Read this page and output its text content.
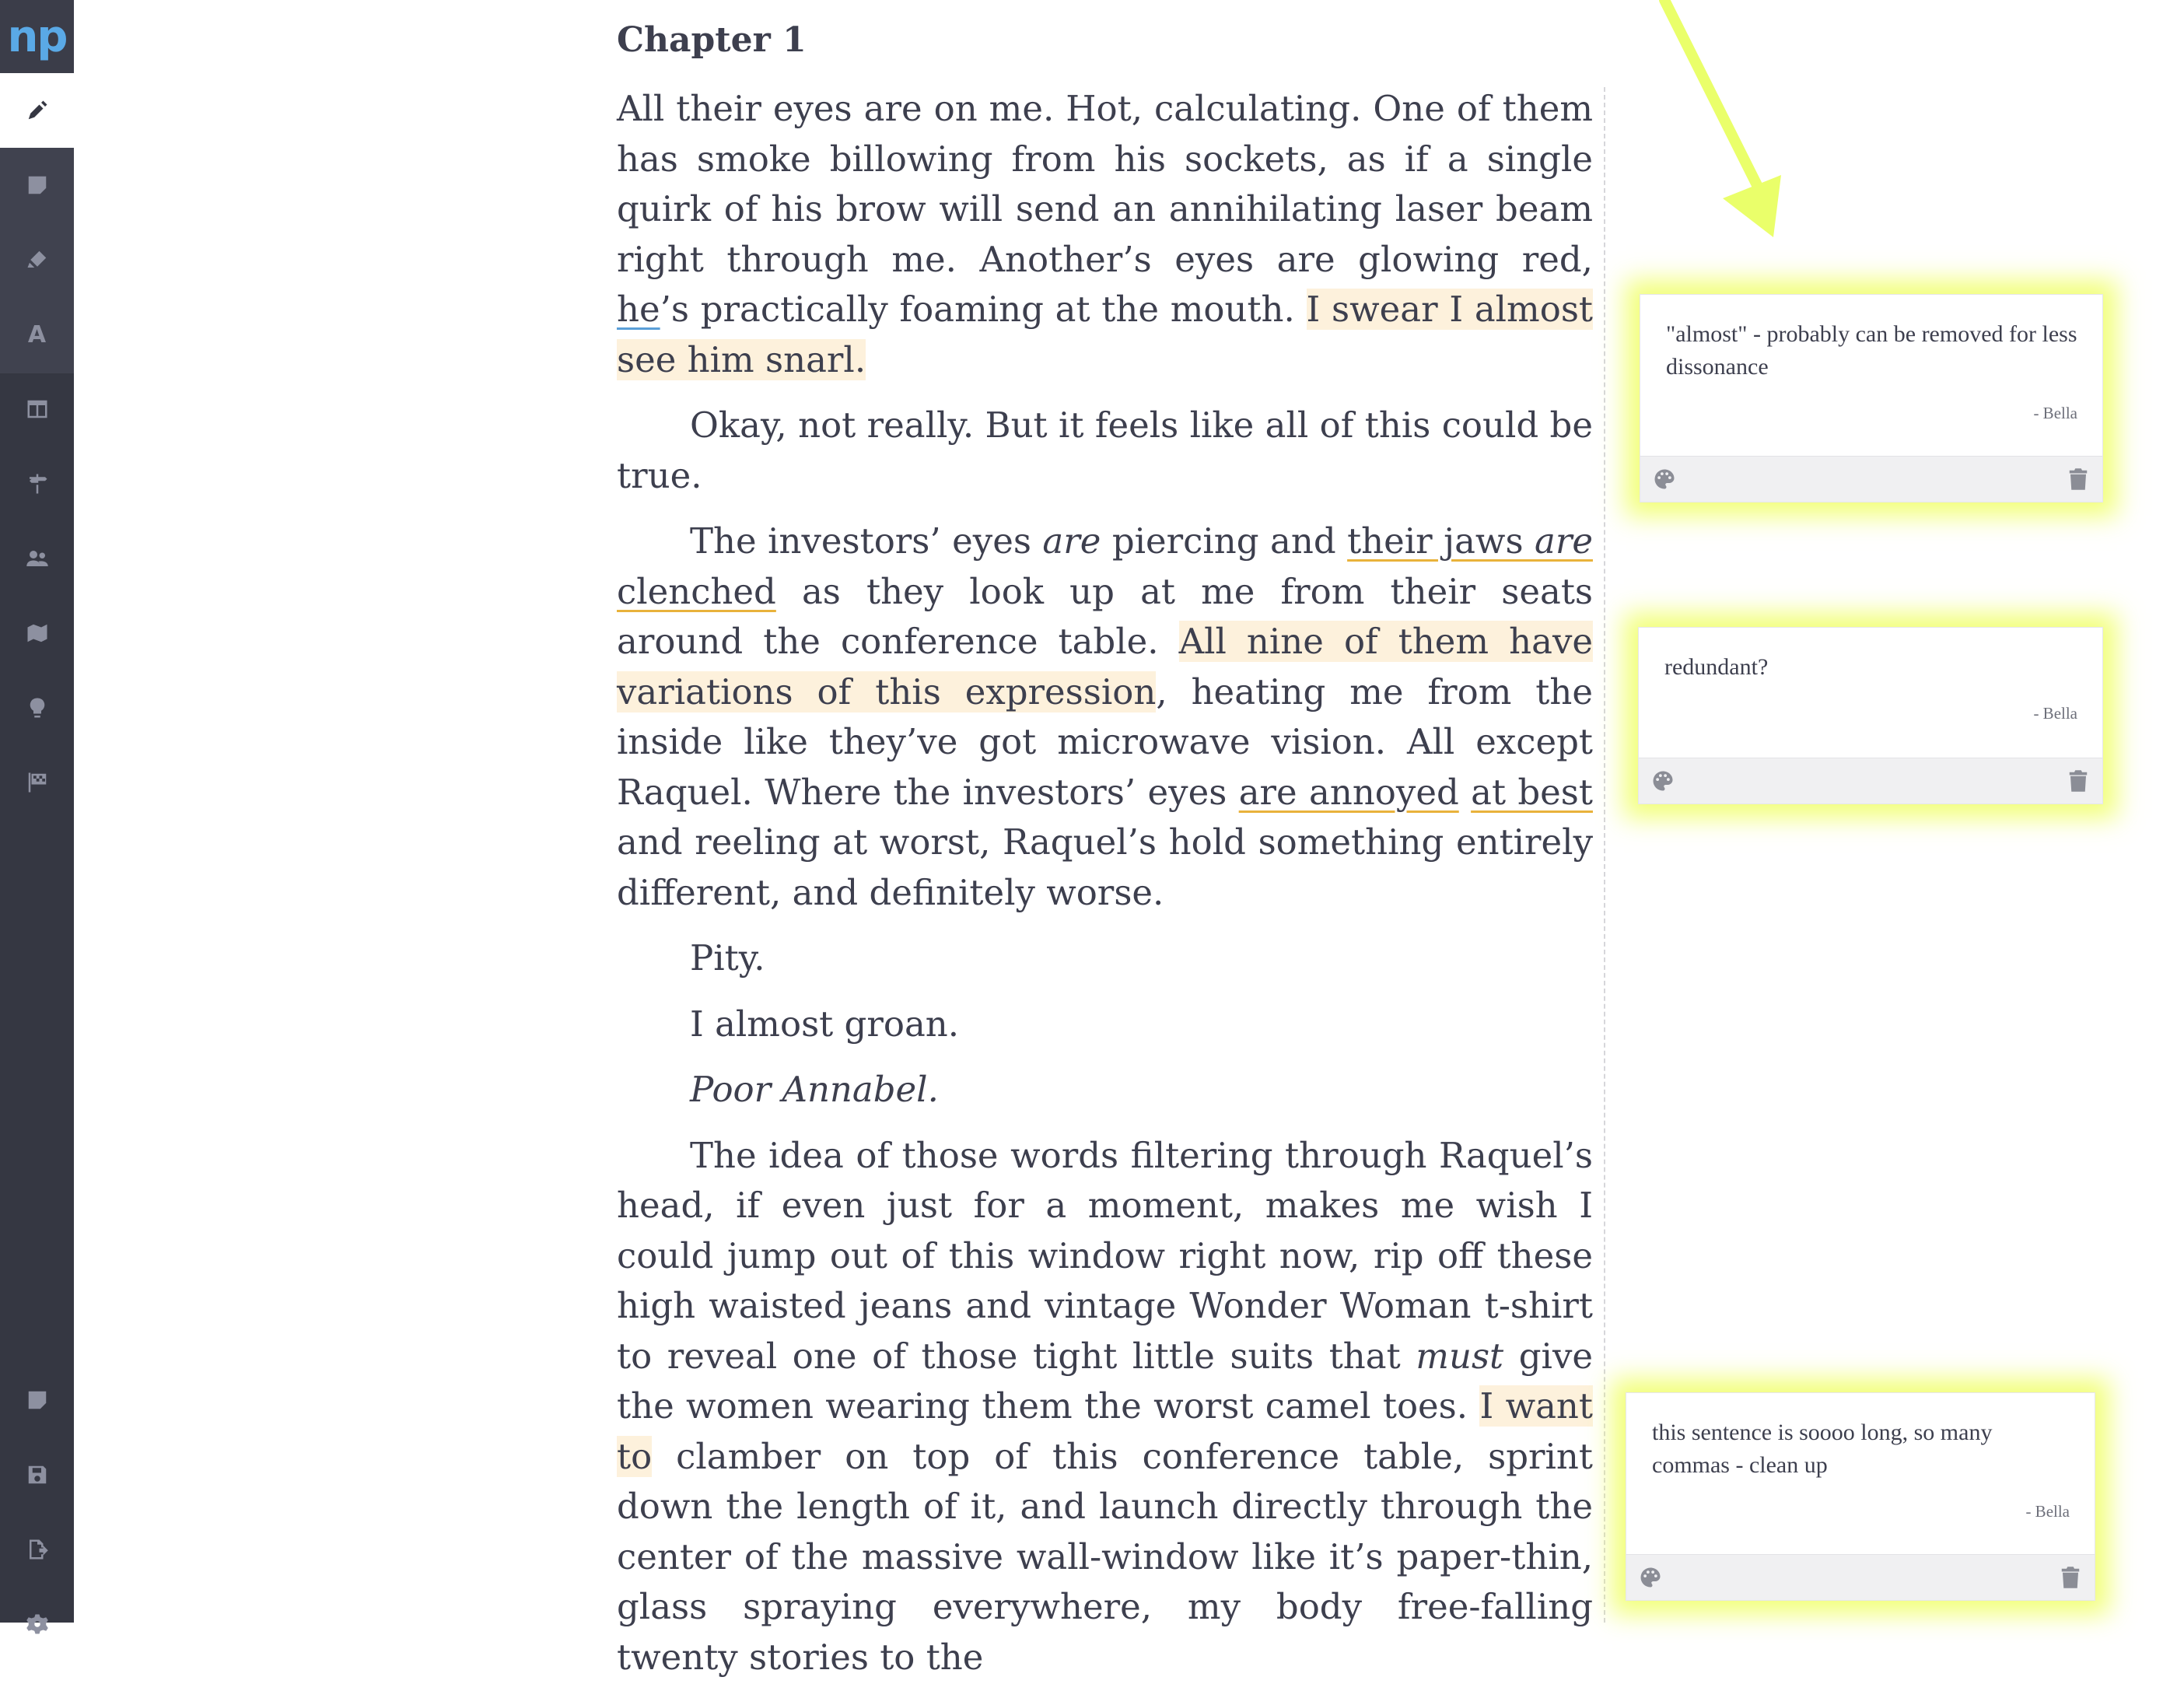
np
A
Chapter 1

All their eyes are on me. Hot, calculating. One of them has smoke billowing from his sockets, as if a single quirk of his brow will send an annihilating laser beam right through me. Another’s eyes are glowing red, he’s practically foaming at the mouth. I swear I almost see him snarl.

Okay, not really. But it feels like all of this could be true.

The investors’ eyes are piercing and their jaws are clenched as they look up at me from their seats around the conference table. All nine of them have variations of this expression, heating me from the inside like they’ve got microwave vision. All except Raquel. Where the investors’ eyes are annoyed at best and reeling at worst, Raquel’s hold something entirely different, and definitely worse.

Pity.

I almost groan.

Poor Annabel.

The idea of those words filtering through Raquel’s head, if even just for a moment, makes me wish I could jump out of this window right now, rip off these high waisted jeans and vintage Wonder Woman t-shirt to reveal one of those tight little suits that must give the women wearing them the worst camel toes. I want to clamber on top of this conference table, sprint down the length of it, and launch directly through the center of the massive wall-window like it’s paper-thin, glass spraying everywhere, my body free-falling twenty stories to the

"almost" - probably can be removed for less dissonance
- Bella
redundant?
- Bella
this sentence is soooo long, so many commas - clean up
- Bella
